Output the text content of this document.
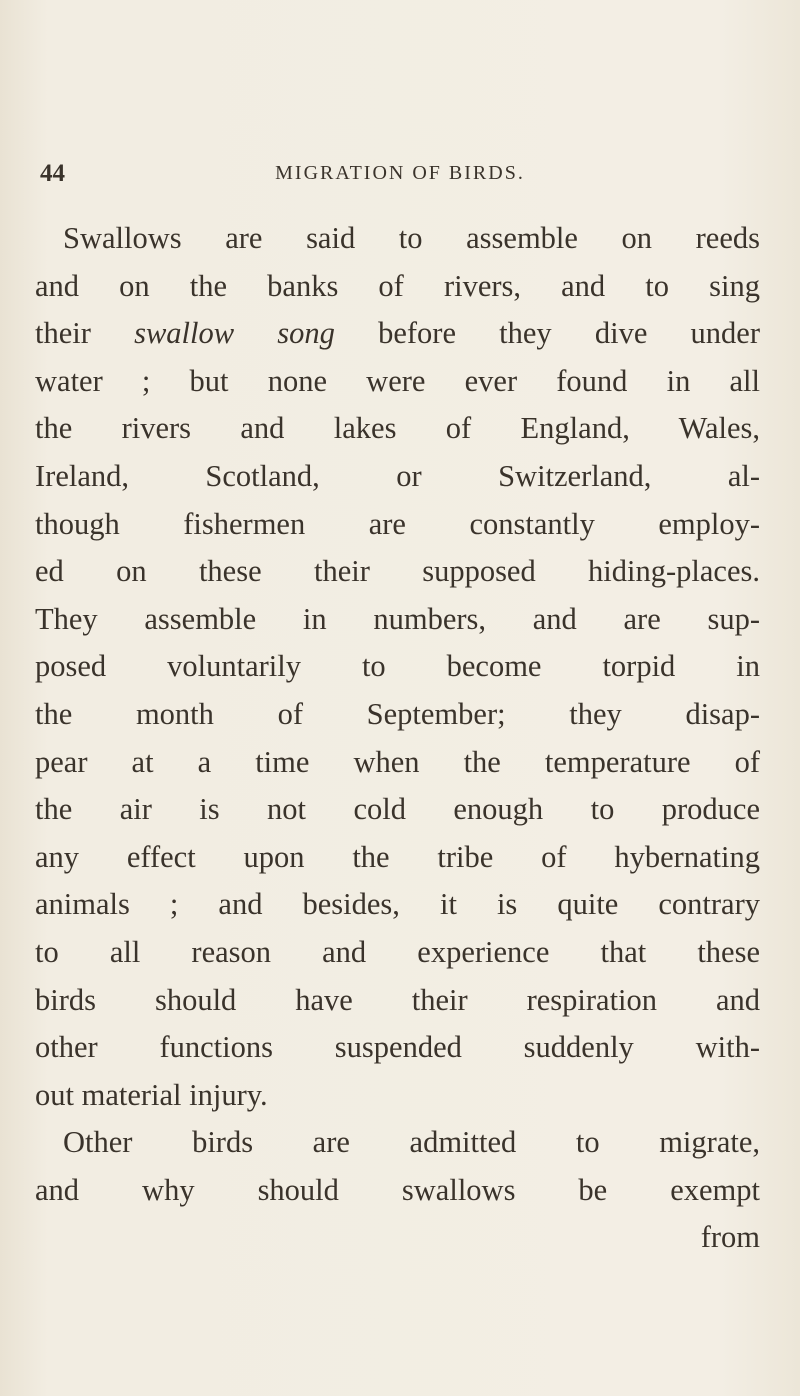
44	MIGRATION OF BIRDS.
Swallows are said to assemble on reeds
and on the banks of rivers, and to sing
their swallow song before they dive under
water ; but none were ever found in all
the rivers and lakes of England, Wales,
Ireland, Scotland, or Switzerland, al-
though fishermen are constantly employ-
ed on these their supposed hiding-places.
They assemble in numbers, and are sup-
posed voluntarily to become torpid in
the month of September; they disap-
pear at a time when the temperature of
the air is not cold enough to produce
any effect upon the tribe of hybernating
animals ; and besides, it is quite contrary
to all reason and experience that these
birds should have their respiration and
other functions suspended suddenly with-
out material injury.
Other birds are admitted to migrate,
and why should swallows be exempt
from
